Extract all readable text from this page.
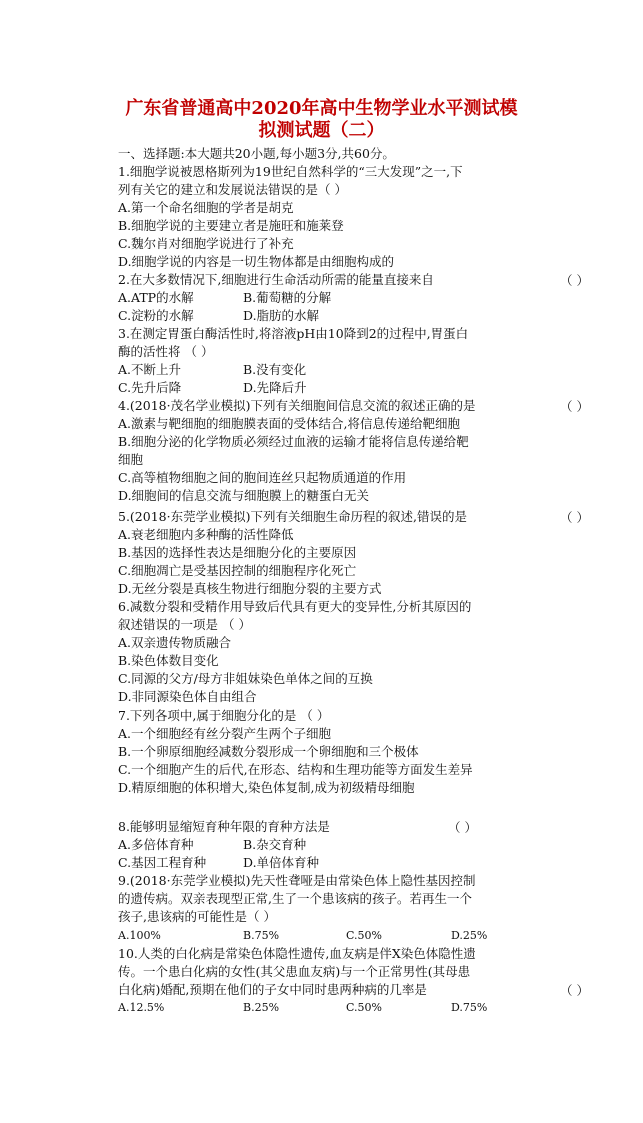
广东省普通高中2020年高中生物学业水平测试模
拟测试题（二）
一、选择题:本大题共20小题,每小题3分,共60分。
1.细胞学说被恩格斯列为19世纪自然科学的“三大发现”之一,下
列有关它的建立和发展说法错误的是（ ）
A.第一个命名细胞的学者是胡克
B.细胞学说的主要建立者是施旺和施莱登
C.魏尔肖对细胞学说进行了补充
D.细胞学说的内容是一切生物体都是由细胞构成的
2.在大多数情况下,细胞进行生命活动所需的能量直接来自	（ ）
A.ATP的水解	B.葡萄糖的分解
C.淀粉的水解	D.脂肪的水解
3.在测定胃蛋白酶活性时,将溶液pH由10降到2的过程中,胃蛋白
酶的活性将 （ ）
A.不断上升	B.没有变化
C.先升后降	D.先降后升
4.(2018·茂名学业模拟)下列有关细胞间信息交流的叙述正确的是	（ ）
A.激素与靶细胞的细胞膜表面的受体结合,将信息传递给靶细胞
B.细胞分泌的化学物质必须经过血液的运输才能将信息传递给靶
细胞
C.高等植物细胞之间的胞间连丝只起物质通道的作用
D.细胞间的信息交流与细胞膜上的糖蛋白无关
5.(2018·东莞学业模拟)下列有关细胞生命历程的叙述,错误的是	（ ）
A.衰老细胞内多种酶的活性降低
B.基因的选择性表达是细胞分化的主要原因
C.细胞凋亡是受基因控制的细胞程序化死亡
D.无丝分裂是真核生物进行细胞分裂的主要方式
6.减数分裂和受精作用导致后代具有更大的变异性,分析其原因的
叙述错误的一项是 （ ）
A.双亲遗传物质融合
B.染色体数目变化
C.同源的父方/母方非姐妹染色单体之间的互换
D.非同源染色体自由组合
7.下列各项中,属于细胞分化的是 （ ）
A.一个细胞经有丝分裂产生两个子细胞
B.一个卵原细胞经减数分裂形成一个卵细胞和三个极体
C.一个细胞产生的后代,在形态、结构和生理功能等方面发生差异
D.精原细胞的体积增大,染色体复制,成为初级精母细胞
8.能够明显缩短育种年限的育种方法是	（ ）
A.多倍体育种	B.杂交育种
C.基因工程育种	D.单倍体育种
9.(2018·东莞学业模拟)先天性聋哑是由常染色体上隐性基因控制
的遗传病。双亲表现型正常,生了一个患该病的孩子。若再生一个
孩子,患该病的可能性是（ ）
A.100%	B.75%	C.50%	D.25%
10.人类的白化病是常染色体隐性遗传,血友病是伴X染色体隐性遗
传。一个患白化病的女性(其父患血友病)与一个正常男性(其母患
白化病)婚配,预期在他们的子女中同时患两种病的几率是	（ ）
A.12.5%	B.25%	C.50%	D.75%
